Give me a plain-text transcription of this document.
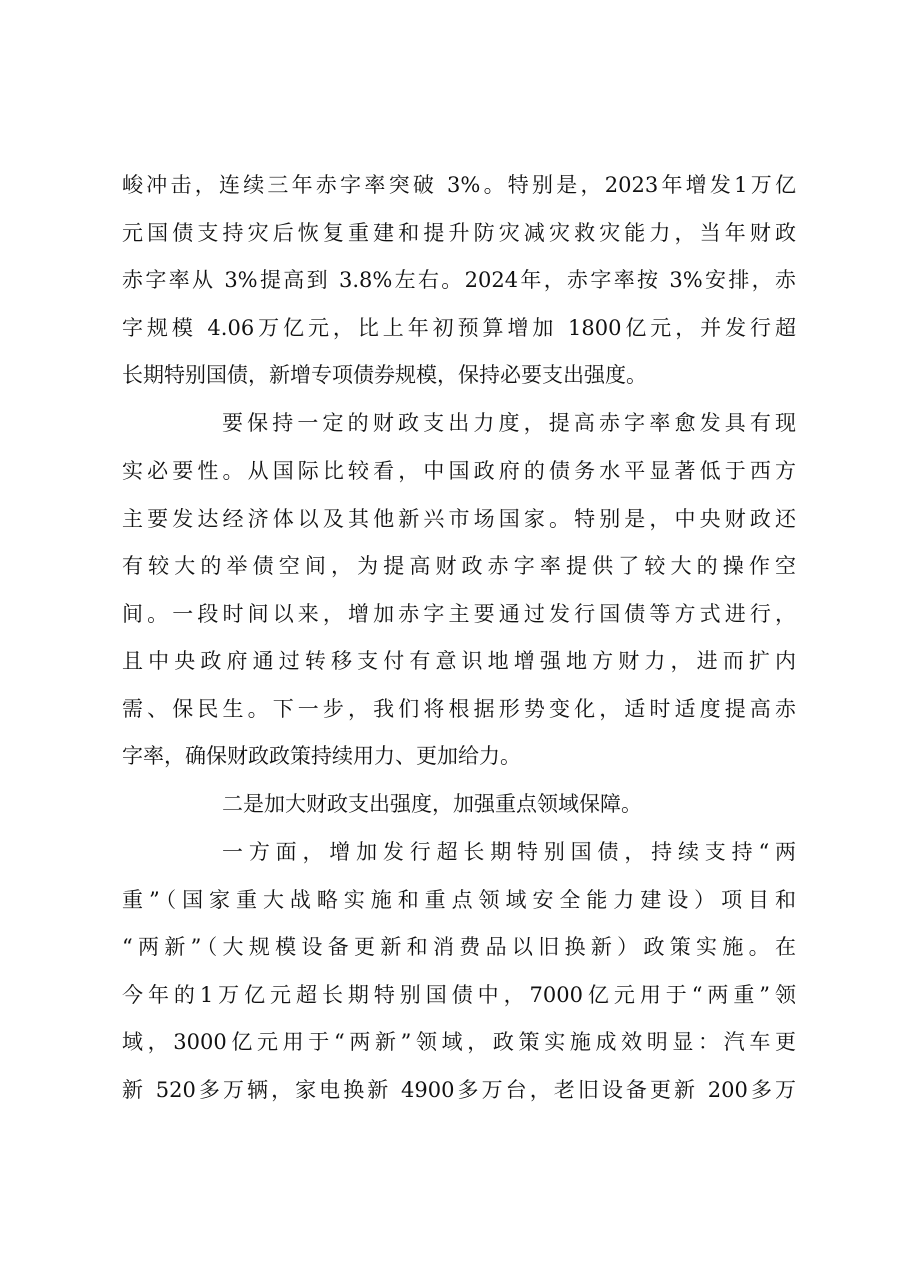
峻冲击，连续三年赤字率突破 3%。特别是，2023年增发1万亿
元国债支持灾后恢复重建和提升防灾减灾救灾能力，当年财政
赤字率从 3%提高到 3.8%左右。2024年，赤字率按 3%安排，赤
字规模 4.06万亿元，比上年初预算增加 1800亿元，并发行超
长期特别国债，新增专项债券规模，保持必要支出强度。
要保持一定的财政支出力度，提高赤字率愈发具有现
实必要性。从国际比较看，中国政府的债务水平显著低于西方
主要发达经济体以及其他新兴市场国家。特别是，中央财政还
有较大的举债空间，为提高财政赤字率提供了较大的操作空
间。一段时间以来，增加赤字主要通过发行国债等方式进行，
且中央政府通过转移支付有意识地增强地方财力，进而扩内
需、保民生。下一步，我们将根据形势变化，适时适度提高赤
字率，确保财政政策持续用力、更加给力。
二是加大财政支出强度，加强重点领域保障。
一方面，增加发行超长期特别国债，持续支持“两
重”（国家重大战略实施和重点领域安全能力建设）项目和
“两新”（大规模设备更新和消费品以旧换新）政策实施。在
今年的1万亿元超长期特别国债中，7000亿元用于“两重”领
域，3000亿元用于“两新”领域，政策实施成效明显：汽车更
新 520多万辆，家电换新 4900多万台，老旧设备更新 200多万
